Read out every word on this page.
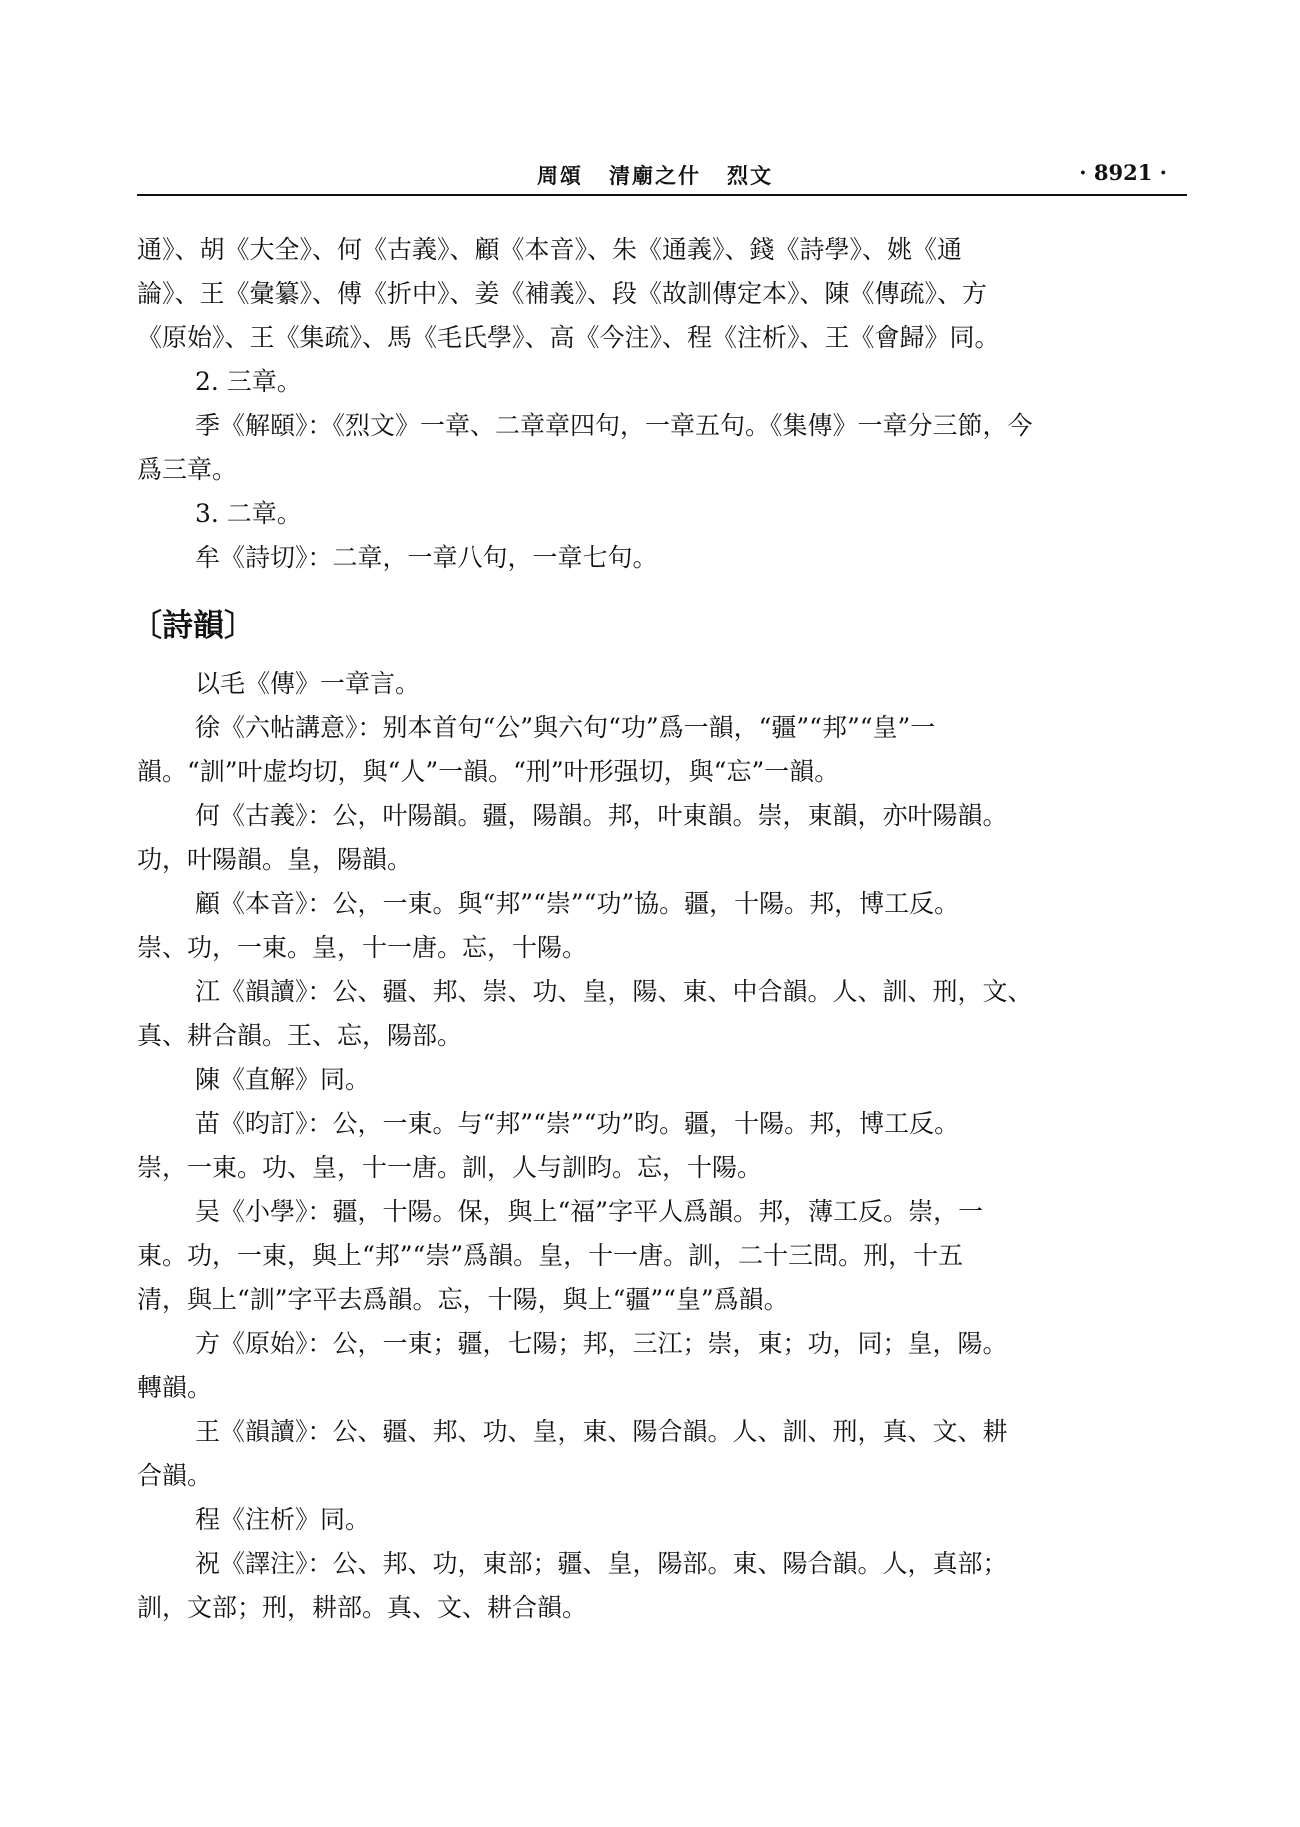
周頌 清廟之什 烈文	· 8921 ·
通》、胡《大全》、何《古義》、顧《本音》、朱《通義》、錢《詩學》、姚《通
論》、王《彙纂》、傅《折中》、姜《補義》、段《故訓傳定本》、陳《傳疏》、方
《原始》、王《集疏》、馬《毛氏學》、高《今注》、程《注析》、王《會歸》同。
2. 三章。
季《解頤》：《烈文》一章、二章章四句，一章五句。《集傳》一章分三節，今
爲三章。
3. 二章。
牟《詩切》：二章，一章八句，一章七句。
〔詩韻〕
以毛《傳》一章言。
徐《六帖講意》：别本首句“公”與六句“功”爲一韻，“疆”“邦”“皇”一
韻。“訓”叶虚均切，與“人”一韻。“刑”叶形强切，與“忘”一韻。
何《古義》：公，叶陽韻。疆，陽韻。邦，叶東韻。崇，東韻，亦叶陽韻。
功，叶陽韻。皇，陽韻。
顧《本音》：公，一東。與“邦”“崇”“功”協。疆，十陽。邦，博工反。
崇、功，一東。皇，十一唐。忘，十陽。
江《韻讀》：公、疆、邦、崇、功、皇，陽、東、中合韻。人、訓、刑，文、
真、耕合韻。王、忘，陽部。
陳《直解》同。
苗《昀訂》：公，一東。与“邦”“崇”“功”昀。疆，十陽。邦，博工反。
崇，一東。功、皇，十一唐。訓，人与訓昀。忘，十陽。
吴《小學》：疆，十陽。保，與上“福”字平人爲韻。邦，薄工反。崇，一
東。功，一東，與上“邦”“崇”爲韻。皇，十一唐。訓，二十三問。刑，十五
清，與上“訓”字平去爲韻。忘，十陽，與上“疆”“皇”爲韻。
方《原始》：公，一東；疆，七陽；邦，三江；崇，東；功，同；皇，陽。
轉韻。
王《韻讀》：公、疆、邦、功、皇，東、陽合韻。人、訓、刑，真、文、耕
合韻。
程《注析》同。
祝《譯注》：公、邦、功，東部；疆、皇，陽部。東、陽合韻。人，真部；
訓，文部；刑，耕部。真、文、耕合韻。
